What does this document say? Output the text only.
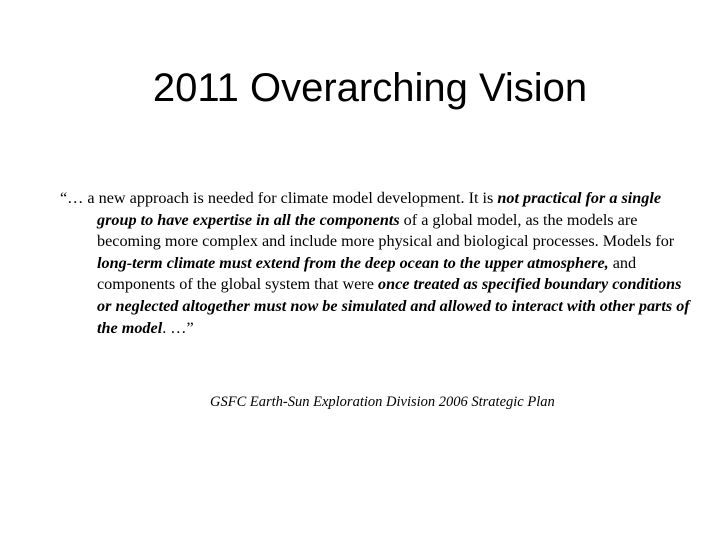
2011 Overarching Vision

“… a new approach is needed for climate model development. It is not practical for a single group to have expertise in all the components of a global model, as the models are becoming more complex and include more physical and biological processes. Models for long-term climate must extend from the deep ocean to the upper atmosphere, and components of the global system that were once treated as specified boundary conditions or neglected altogether must now be simulated and allowed to interact with other parts of the model. …”

GSFC Earth-Sun Exploration Division 2006 Strategic Plan
